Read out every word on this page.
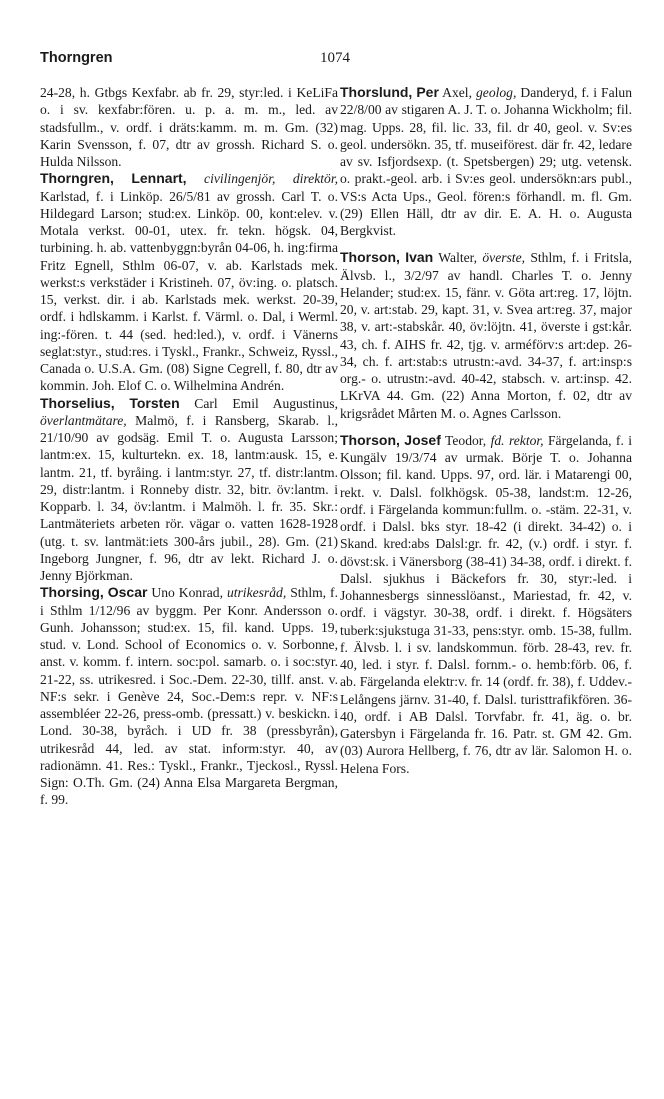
Thorngren	1074

24-28, h. Gtbgs Kexfabr. ab fr. 29, styr:led. i KeLiFa o. i sv. kexfabr:fören. u. p. a. m. m., led. av stadsfullm., v. ordf. i dräts:kamm. m. m. Gm. (32) Karin Svensson, f. 07, dtr av grossh. Richard S. o. Hulda Nilsson.

Thorngren, Lennart, civilingenjör, direktör, Karlstad, f. i Linköp. 26/5/81 av grossh. Carl T. o. Hildegard Larson; stud:ex. Linköp. 00, kont:elev. v. Motala verkst. 00-01, utex. fr. tekn. högsk. 04, turbining. h. ab. vattenbyggn:byrån 04-06, h. ing:firma Fritz Egnell, Sthlm 06-07, v. ab. Karlstads mek. werkst:s verkstäder i Kristineh. 07, öv:ing. o. platsch. 15, verkst. dir. i ab. Karlstads mek. werkst. 20-39, ordf. i hdlskamm. i Karlst. f. Värml. o. Dal, i Werml. ing:-fören. t. 44 (sed. hed:led.), v. ordf. i Vänerns seglat:styr., stud:res. i Tyskl., Frankr., Schweiz, Ryssl., Canada o. U.S.A. Gm. (08) Signe Cegrell, f. 80, dtr av kommin. Joh. Elof C. o. Wilhelmina Andrén.

Thorselius, Torsten Carl Emil Augustinus, överlantmätare, Malmö, f. i Ransberg, Skarab. l., 21/10/90 av godsäg. Emil T. o. Augusta Larsson; lantm:ex. 15, kulturtekn. ex. 18, lantm:ausk. 15, e. lantm. 21, tf. byråing. i lantm:styr. 27, tf. distr:lantm. 29, distr:lantm. i Ronneby distr. 32, bitr. öv:lantm. i Kopparb. l. 34, öv:lantm. i Malmöh. l. fr. 35. Skr.: Lantmäteriets arbeten rör. vägar o. vatten 1628-1928 (utg. t. sv. lantmät:iets 300-års jubil., 28). Gm. (21) Ingeborg Jungner, f. 96, dtr av lekt. Richard J. o. Jenny Björkman.

Thorsing, Oscar Uno Konrad, utrikesråd, Sthlm, f. i Sthlm 1/12/96 av byggm. Per Konr. Andersson o. Gunh. Johansson; stud:ex. 15, fil. kand. Upps. 19, stud. v. Lond. School of Economics o. v. Sorbonne, anst. v. komm. f. intern. soc:pol. samarb. o. i soc:styr. 21-22, ss. utrikesred. i Soc.-Dem. 22-30, tillf. anst. v. NF:s sekr. i Genève 24, Soc.-Dem:s repr. v. NF:s assembléer 22-26, press-omb. (pressatt.) v. beskickn. i Lond. 30-38, byråch. i UD fr. 38 (pressbyrån), utrikesråd 44, led. av stat. inform:styr. 40, av radionämn. 41. Res.: Tyskl., Frankr., Tjeckosl., Ryssl. Sign: O.Th. Gm. (24) Anna Elsa Margareta Bergman, f. 99.

Thorslund, Per Axel, geolog, Danderyd, f. i Falun 22/8/00 av stigaren A. J. T. o. Johanna Wickholm; fil. mag. Upps. 28, fil. lic. 33, fil. dr 40, geol. v. Sv:es geol. undersökn. 35, tf. museiförest. där fr. 42, ledare av sv. Isfjordsexp. (t. Spetsbergen) 29; utg. vetensk. o. prakt.-geol. arb. i Sv:es geol. undersökn:ars publ., VS:s Acta Ups., Geol. fören:s förhandl. m. fl. Gm. (29) Ellen Häll, dtr av dir. E. A. H. o. Augusta Bergkvist.

Thorson, Ivan Walter, överste, Sthlm, f. i Fritsla, Älvsb. l., 3/2/97 av handl. Charles T. o. Jenny Helander; stud:ex. 15, fänr. v. Göta art:reg. 17, löjtn. 20, v. art:stab. 29, kapt. 31, v. Svea art:reg. 37, major 38, v. art:-stabskår. 40, öv:löjtn. 41, överste i gst:kår. 43, ch. f. AIHS fr. 42, tjg. v. arméförv:s art:dep. 26-34, ch. f. art:stab:s utrustn:-avd. 34-37, f. art:insp:s org.- o. utrustn:-avd. 40-42, stabsch. v. art:insp. 42. LKrVA 44. Gm. (22) Anna Morton, f. 02, dtr av krigsrådet Mårten M. o. Agnes Carlsson.

Thorson, Josef Teodor, fd. rektor, Färgelanda, f. i Kungälv 19/3/74 av urmak. Börje T. o. Johanna Olsson; fil. kand. Upps. 97, ord. lär. i Matarengi 00, rekt. v. Dalsl. folkhögsk. 05-38, landst:m. 12-26, ordf. i Färgelanda kommun:fullm. o. -stäm. 22-31, v. ordf. i Dalsl. bks styr. 18-42 (i direkt. 34-42) o. i Skand. kred:abs Dalsl:gr. fr. 42, (v.) ordf. i styr. f. dövst:sk. i Vänersborg (38-41) 34-38, ordf. i direkt. f. Dalsl. sjukhus i Bäckefors fr. 30, styr:-led. i Johannesbergs sinnesslöanst., Mariestad, fr. 42, v. ordf. i vägstyr. 30-38, ordf. i direkt. f. Högsäters tuberk:sjukstuga 31-33, pens:styr. omb. 15-38, fullm. f. Älvsb. l. i sv. landskommun. förb. 28-43, rev. fr. 40, led. i styr. f. Dalsl. fornm.- o. hemb:förb. 06, f. ab. Färgelanda elektr:v. fr. 14 (ordf. fr. 38), f. Uddev.-Lelångens järnv. 31-40, f. Dalsl. turisttrafikfören. 36-40, ordf. i AB Dalsl. Torvfabr. fr. 41, äg. o. br. Gatersbyn i Färgelanda fr. 16. Patr. st. GM 42. Gm. (03) Aurora Hellberg, f. 76, dtr av lär. Salomon H. o. Helena Fors.
